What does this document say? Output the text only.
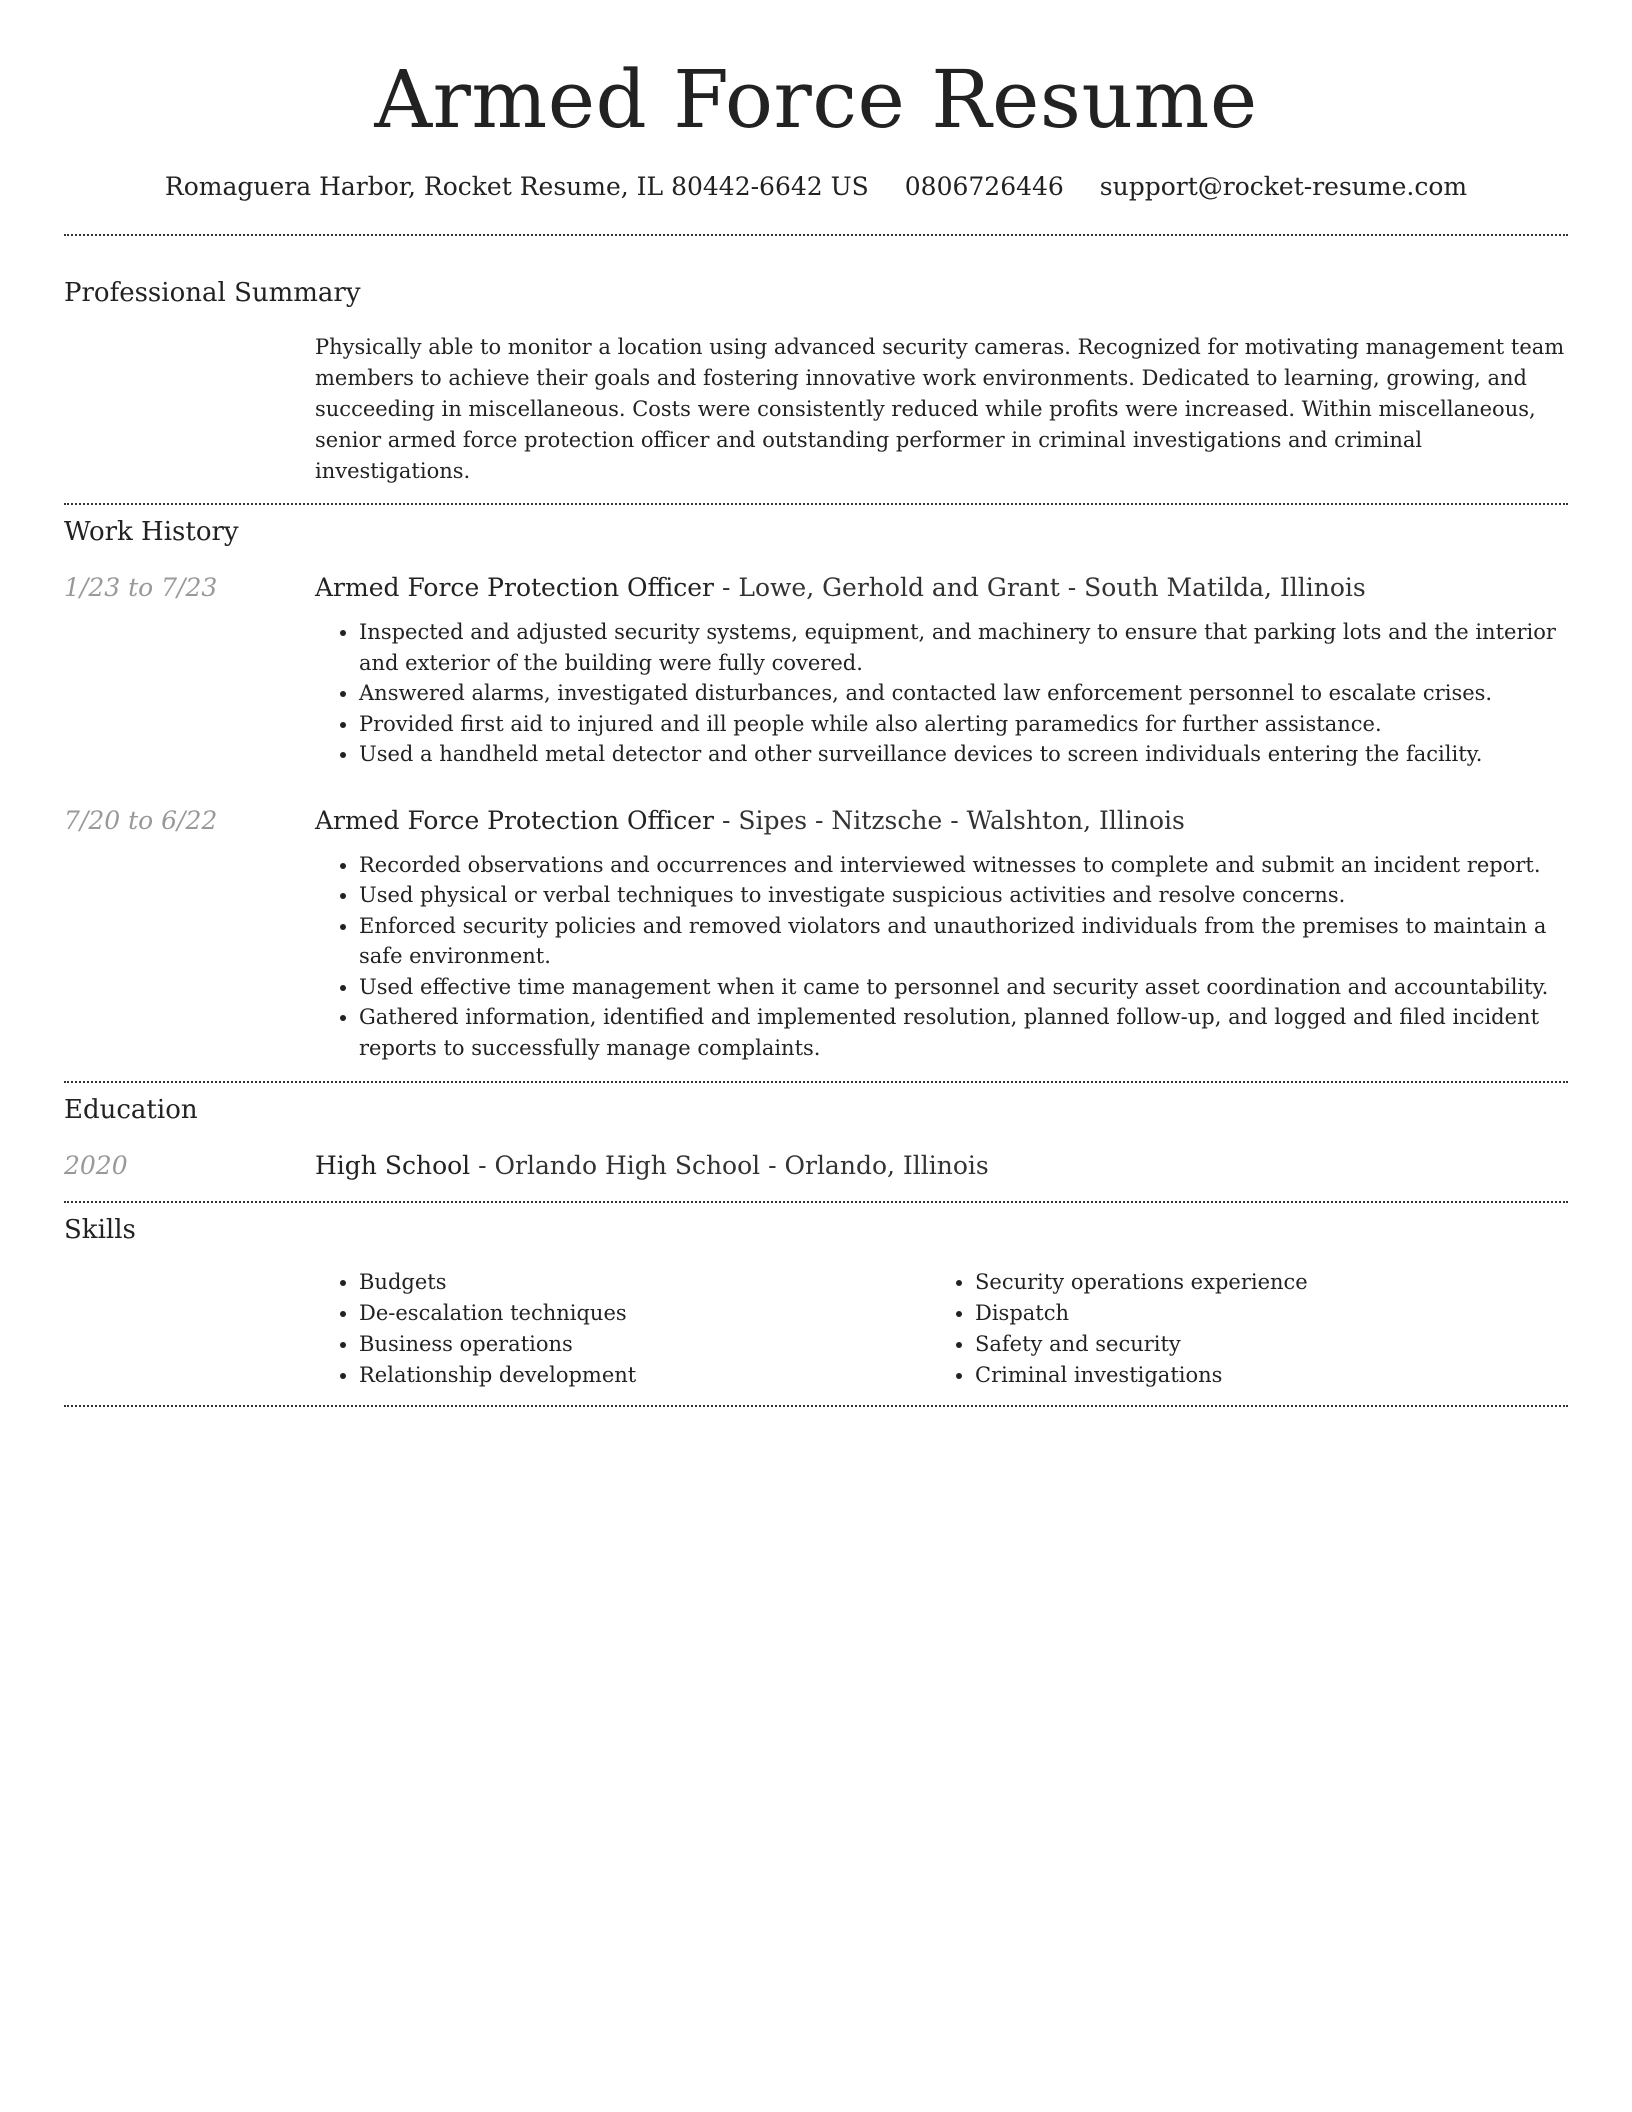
Armed Force Resume
Romaguera Harbor, Rocket Resume, IL 80442-6642 US 0806726446 support@rocket-resume.com
Professional Summary

Physically able to monitor a location using advanced security cameras. Recognized for motivating management team members to achieve their goals and fostering innovative work environments. Dedicated to learning, growing, and succeeding in miscellaneous. Costs were consistently reduced while profits were increased. Within miscellaneous, senior armed force protection officer and outstanding performer in criminal investigations and criminal investigations.

Work History
1/23 to 7/23	Armed Force Protection Officer - Lowe, Gerhold and Grant - South Matilda, Illinois
• Inspected and adjusted security systems, equipment, and machinery to ensure that parking lots and the interior and exterior of the building were fully covered.
• Answered alarms, investigated disturbances, and contacted law enforcement personnel to escalate crises.
• Provided first aid to injured and ill people while also alerting paramedics for further assistance.
• Used a handheld metal detector and other surveillance devices to screen individuals entering the facility.
7/20 to 6/22	Armed Force Protection Officer - Sipes - Nitzsche - Walshton, Illinois
• Recorded observations and occurrences and interviewed witnesses to complete and submit an incident report.
• Used physical or verbal techniques to investigate suspicious activities and resolve concerns.
• Enforced security policies and removed violators and unauthorized individuals from the premises to maintain a safe environment.
• Used effective time management when it came to personnel and security asset coordination and accountability.
• Gathered information, identified and implemented resolution, planned follow-up, and logged and filed incident reports to successfully manage complaints.
Education
2020	High School - Orlando High School - Orlando, Illinois
Skills
• Budgets
• De-escalation techniques
• Business operations
• Relationship development
• Security operations experience
• Dispatch
• Safety and security
• Criminal investigations
